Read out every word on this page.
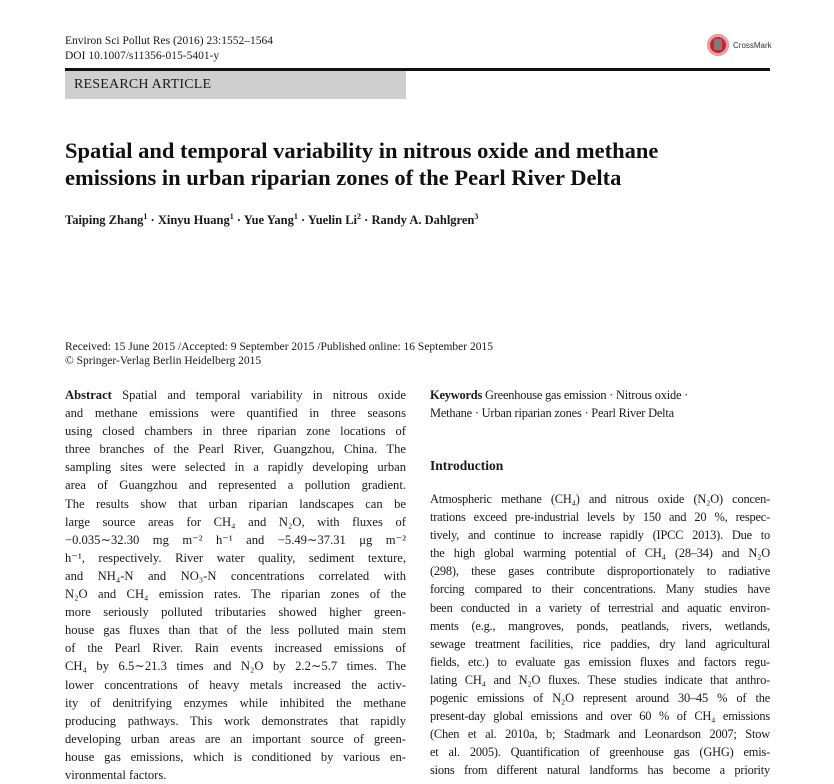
Environ Sci Pollut Res (2016) 23:1552–1564
DOI 10.1007/s11356-015-5401-y
CrossMark
RESEARCH ARTICLE
Spatial and temporal variability in nitrous oxide and methane
emissions in urban riparian zones of the Pearl River Delta
Taiping Zhang$^1$ · Xinyu Huang$^1$ · Yue Yang$^1$ · Yuelin $Li^2$ · Randy A. Dahlgren$^3$
Received: 15 June 2015 /Accepted: 9 September 2015 /Published online: 16 September 2015
© Springer-Verlag Berlin Heidelberg 2015
Abstract Spatial and temporal variability in nitrous oxide
and methane emissions were quantified in three seasons
using closed chambers in three riparian zone locations of
three branches of the Pearl River, Guangzhou, China. The
sampling sites were selected in a rapidly developing urban
area of Guangzhou and represented a pollution gradient.
The results show that urban riparian landscapes can be
large source areas for CH₄ and N₂O, with fluxes of
−0.035∼32.30 mg m⁻² h⁻¹ and −5.49∼37.31 μg m⁻²
h⁻¹, respectively. River water quality, sediment texture,
and NH₄-N and NO₃-N concentrations correlated with
N₂O and CH₄ emission rates. The riparian zones of the
more seriously polluted tributaries showed higher green-
house gas fluxes than that of the less polluted main stem
of the Pearl River. Rain events increased emissions of
CH₄ by 6.5∼21.3 times and N₂O by 2.2∼5.7 times. The
lower concentrations of heavy metals increased the activ-
ity of denitrifying enzymes while inhibited the methane
producing pathways. This work demonstrates that rapidly
developing urban areas are an important source of green-
house gas emissions, which is conditioned by various en-
vironmental factors.
Keywords Greenhouse gas emission · Nitrous oxide ·
Methane · Urban riparian zones · Pearl River Delta
Introduction
Atmospheric methane (CH₄) and nitrous oxide (N₂O) concen-
trations exceed pre-industrial levels by 150 and 20 %, respec-
tively, and continue to increase rapidly (IPCC 2013). Due to
the high global warming potential of CH₄ (28–34) and N₂O
(298), these gases contribute disproportionately to radiative
forcing compared to their concentrations. Many studies have
been conducted in a variety of terrestrial and aquatic environ-
ments (e.g., mangroves, ponds, peatlands, rivers, wetlands,
sewage treatment facilities, rice paddies, dry land agricultural
fields, etc.) to evaluate gas emission fluxes and factors regu-
lating CH₄ and N₂O fluxes. These studies indicate that anthro-
pogenic emissions of N₂O represent around 30–45 % of the
present-day global emissions and over 60 % of CH₄ emissions
(Chen et al. 2010a, b; Stadmark and Leonardson 2007; Stow
et al. 2005). Quantification of greenhouse gas (GHG) emis-
sions from different natural landforms has become a priority
